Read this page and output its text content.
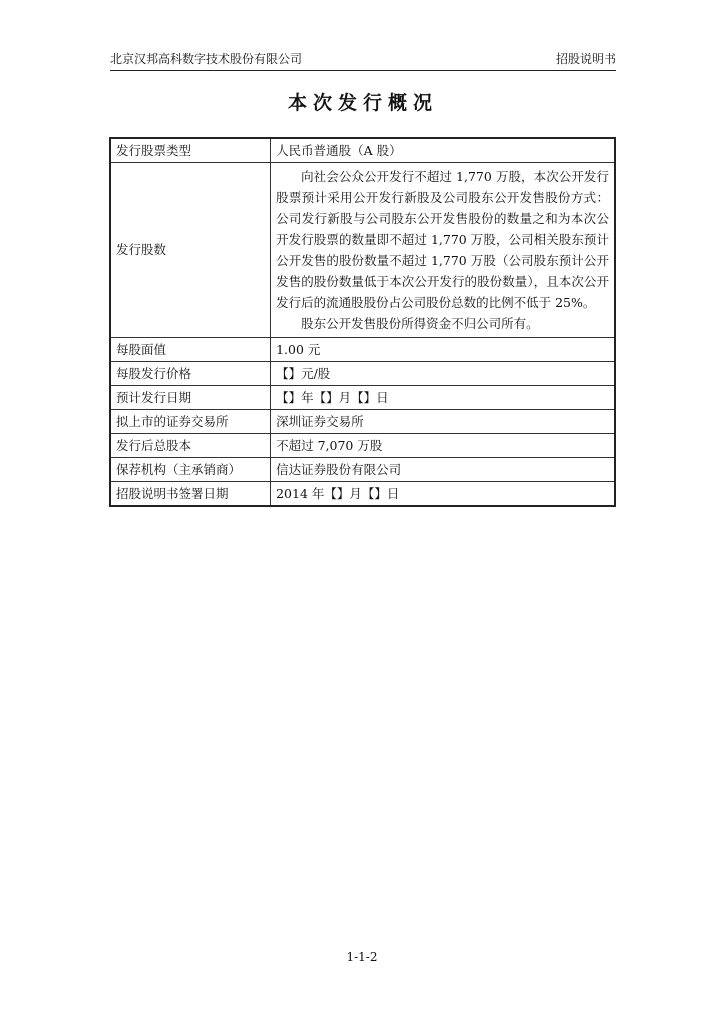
北京汉邦高科数字技术股份有限公司	招股说明书
本次发行概况
发行股票类型	人民币普通股（A 股）
发行股数	向社会公众公开发行不超过 1,770 万股，本次公开发行股票预计采用公开发行新股及公司股东公开发售股份方式：公司发行新股与公司股东公开发售股份的数量之和为本次公开发行股票的数量即不超过 1,770 万股，公司相关股东预计公开发售的股份数量不超过 1,770 万股（公司股东预计公开发售的股份数量低于本次公开发行的股份数量），且本次公开发行后的流通股股份占公司股份总数的比例不低于 25%。

股东公开发售股份所得资金不归公司所有。

每股面值	1.00 元
每股发行价格	【】元/股
预计发行日期	【】年【】月【】日
拟上市的证券交易所	深圳证券交易所
发行后总股本	不超过 7,070 万股
保荐机构（主承销商）	信达证券股份有限公司
招股说明书签署日期	2014 年【】月【】日
1-1-2
